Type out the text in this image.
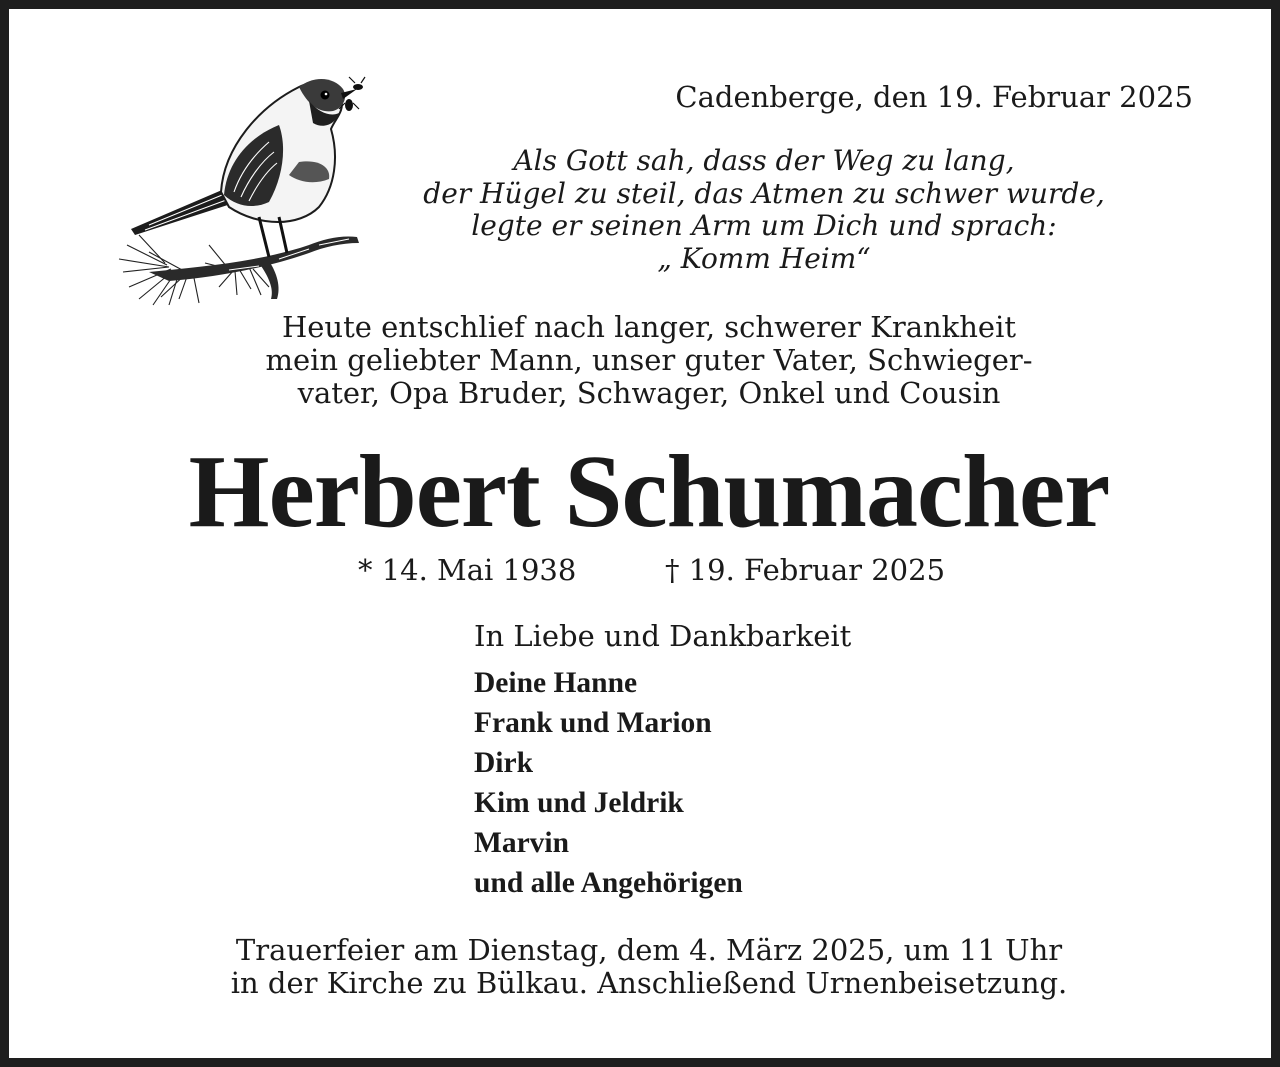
Cadenberge, den 19. Februar 2025
Als Gott sah, dass der Weg zu lang,
der Hügel zu steil, das Atmen zu schwer wurde,
legte er seinen Arm um Dich und sprach:
„ Komm Heim“
Heute entschlief nach langer, schwerer Krankheit
mein geliebter Mann, unser guter Vater, Schwieger-
vater, Opa Bruder, Schwager, Onkel und Cousin
Herbert Schumacher
* 14. Mai 1938	† 19. Februar 2025
In Liebe und Dankbarkeit
Deine Hanne
Frank und Marion
Dirk
Kim und Jeldrik
Marvin
und alle Angehörigen
Trauerfeier am Dienstag, dem 4. März 2025, um 11 Uhr
in der Kirche zu Bülkau. Anschließend Urnenbeisetzung.
